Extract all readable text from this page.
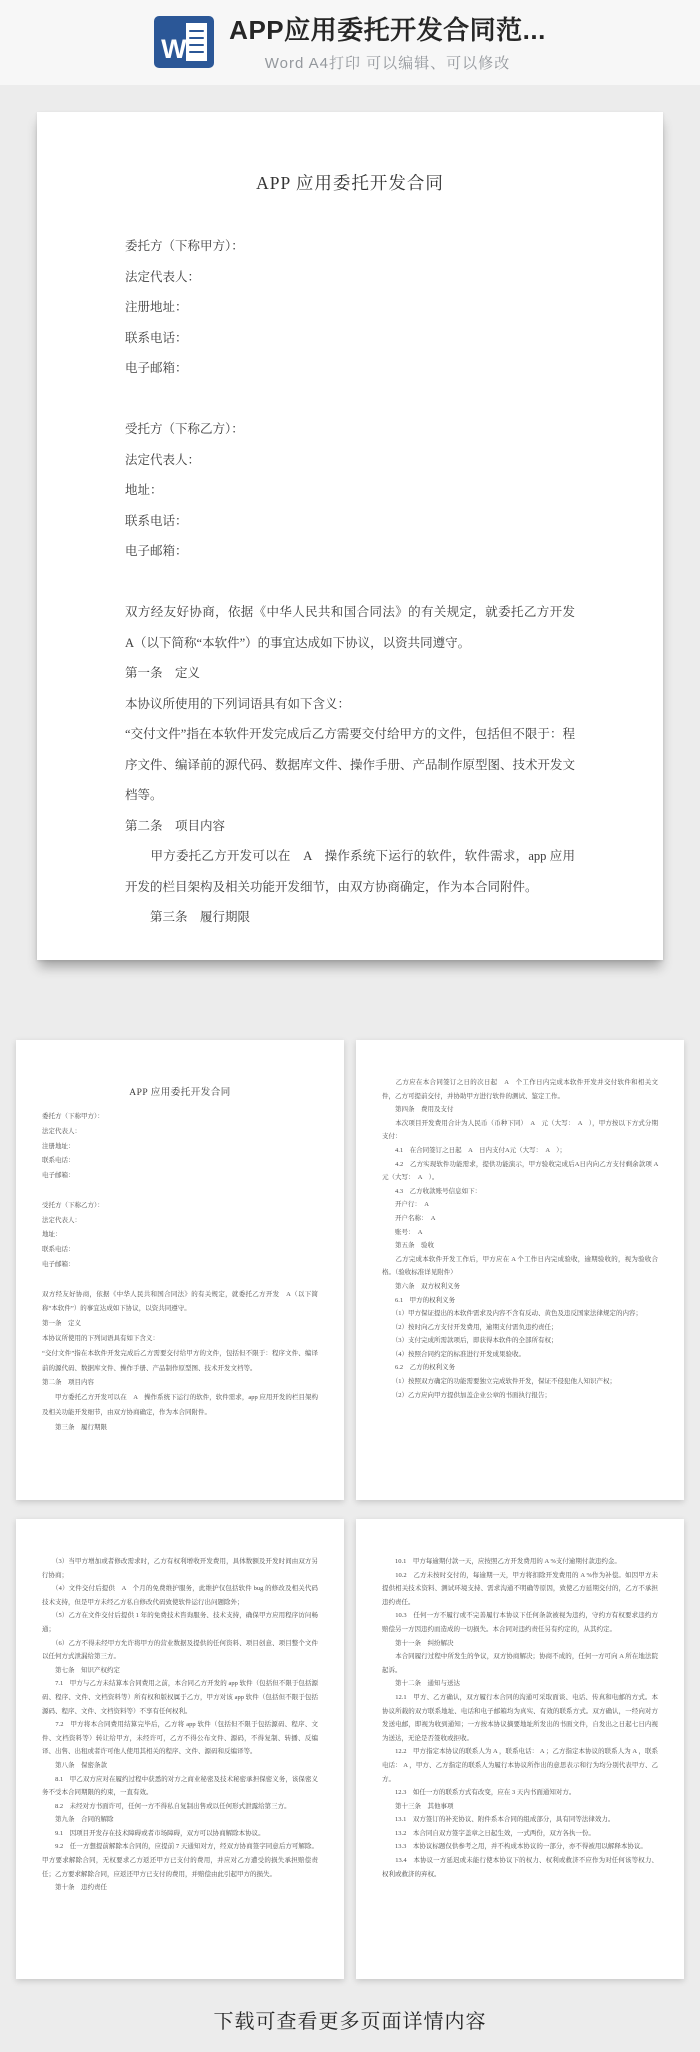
W
APP应用委托开发合同范...
Word A4打印 可以编辑、可以修改
APP 应用委托开发合同
委托方（下称甲方）：
法定代表人：
注册地址：
联系电话：
电子邮箱：

受托方（下称乙方）：
法定代表人：
地址：
联系电话：
电子邮箱：

双方经友好协商，依据《中华人民共和国合同法》的有关规定，就委托乙方开发　A（以下简称“本软件”）的事宜达成如下协议，以资共同遵守。
第一条　定义
本协议所使用的下列词语具有如下含义：
“交付文件”指在本软件开发完成后乙方需要交付给甲方的文件，包括但不限于：程序文件、编译前的源代码、数据库文件、操作手册、产品制作原型图、技术开发文档等。
第二条　项目内容
　　甲方委托乙方开发可以在　A　操作系统下运行的软件，软件需求，app 应用开发的栏目架构及相关功能开发细节，由双方协商确定，作为本合同附件。
　　第三条　履行期限
APP 应用委托开发合同
委托方（下称甲方）：
法定代表人：
注册地址：
联系电话：
电子邮箱：

受托方（下称乙方）：
法定代表人：
地址：
联系电话：
电子邮箱：

双方经友好协商，依据《中华人民共和国合同法》的有关规定，就委托乙方开发　A（以下简称“本软件”）的事宜达成如下协议，以资共同遵守。
第一条　定义
本协议所使用的下列词语具有如下含义：
“交付文件”指在本软件开发完成后乙方需要交付给甲方的文件，包括但不限于：程序文件、编译前的源代码、数据库文件、操作手册、产品制作原型图、技术开发文档等。
第二条　项目内容
　　甲方委托乙方开发可以在　A　操作系统下运行的软件，软件需求，app 应用开发的栏目架构及相关功能开发细节，由双方协商确定，作为本合同附件。
　　第三条　履行期限
　　乙方应在本合同签订之日的次日起　A　个工作日内完成本软件开发并交付软件和相关文件，乙方可提前交付，并协助甲方进行软件的测试、鉴定工作。
　　第四条　费用及支付
　　本次项目开发费用合计为人民币（币种下同）　A　元（大写：　A　），甲方按以下方式分期支付：
　　4.1　在合同签订之日起　A　日内支付A元（大写：　A　）；
　　4.2　乙方实现软件功能需求，提供功能演示，甲方验收完成后A日内向乙方支付剩余款项 A　元（大写：　A　）。
　　4.3　乙方收款账号信息如下：
　　开户行：　A
　　开户名称：　A
　　账号：　A
　　第五条　验收
　　乙方完成本软件开发工作后，甲方应在 A 个工作日内完成验收，逾期验收的，视为验收合格。（验收标准详见附件）
　　第六条　双方权利义务
　　6.1　甲方的权利义务
　　（1）甲方保证提出的本软件需求及内容不含有反动、黄色及违反国家法律规定的内容；
　　（2）按时向乙方支付开发费用，逾期支付需负违约责任；
　　（3）支付完成所需款项后，即获得本软件的全部所有权；
　　（4）按照合同约定的标准进行开发成果验收。
　　6.2　乙方的权利义务
　　（1）按照双方确定的功能需要独立完成软件开发，保证不侵犯他人知识产权；
　　（2）乙方应向甲方提供加盖企业公章的书面执行报告；
　　（3）当甲方增加或者修改需求时，乙方有权利增收开发费用，具体数额及开发时间由双方另行协商；
　　（4）文件交付后提供　A　个月的免费维护服务，此维护仅包括软件 bug 的修改及相关代码技术支持，但是甲方未经乙方私自修改代码致使软件运行出问题除外；
　　（5）乙方在文件交付后提供 1 年的免费技术咨询服务、技术支持，确保甲方应用程序访问畅通；
　　（6）乙方不得未经甲方允许将甲方的营业数据及提供的任何资料、项目创意、项目整个文件以任何方式泄漏给第三方。
　　第七条　知识产权约定
　　7.1　甲方与乙方未结算本合同费用之前，本合同乙方开发的 app 软件（包括但不限于包括源码、程序、文件、文档资料等）所有权和版权属于乙方，甲方对该 app 软件（包括但不限于包括源码、程序、文件、文档资料等）不享有任何权利。
　　7.2　甲方将本合同费用结算完毕后，乙方将 app 软件（包括但不限于包括源码、程序、文件、文档资料等）转让给甲方，未经许可，乙方不得公布文件、源码，不得复制、转播、反编译、出售、出租或者许可他人使用其相关的程序、文件、源码和反编译等。
　　第八条　保密条款
　　8.1　甲乙双方应对在履约过程中获悉的对方之商业秘密及技术秘密承担保密义务，该保密义务不受本合同期限的约束，一直有效。
　　8.2　未经对方书面许可，任何一方不得私自复制出售或以任何形式泄露给第三方。
　　第九条　合同的解除
　　9.1　因项目开发存在技术障碍或者市场障碍，双方可以协商解除本协议。
　　9.2　任一方想提前解除本合同的，应提前 7 天通知对方，经双方协商签字同意后方可解除。甲方要求解除合同，无权要求乙方返还甲方已支付的费用，并应对乙方遭受的损失承担赔偿责任；乙方要求解除合同，应返还甲方已支付的费用，并赔偿由此引起甲方的损失。
　　第十条　违约责任
　　10.1　甲方每逾期付款一天，应按照乙方开发费用的 A %支付逾期付款违约金。
　　10.2　乙方未按时交付的，每逾期一天，甲方将扣除开发费用的 A %作为补偿。如因甲方未提供相关技术资料、测试环境支持、需求沟通不明确等原因，致使乙方延期交付的，乙方不承担违约责任。
　　10.3　任何一方不履行或不完善履行本协议下任何条款被视为违约，守约方有权要求违约方赔偿另一方因违约而造成的一切损失。本合同对违约责任另有约定的，从其约定。
　　第十一条　纠纷解决
　　本合同履行过程中所发生的争议，双方协商解决；协商不成的，任何一方可向 A 所在地法院起诉。
　　第十二条　通知与送达
　　12.1　甲方、乙方确认，双方履行本合同的沟通可采取面谈、电话、传真和电邮的方式。本协议所载的双方联系地址、电话和电子邮箱均为真实、有效的联系方式。双方确认，一经向对方发送电邮，即视为收到通知；一方按本协议摘要地址所发出的书面文件，自发出之日起七日内视为送达，无论是否签收或拒收。
　　12.2　甲方指定本协议的联系人为 A ，联系电话： A ；乙方指定本协议的联系人为 A ，联系电话： A ，甲方、乙方指定的联系人为履行本协议所作出的意思表示和行为均分别代表甲方、乙方。
　　12.3　如任一方的联系方式有改变，应在 3 天内书面通知对方。
　　第十三条　其他事项
　　13.1　双方签订的补充协议、附件系本合同的组成部分，具有同等法律效力。
　　13.2　本合同自双方签字盖章之日起生效，一式两份，双方各执一份。
　　13.3　本协议标题仅供参考之用，并不构成本协议的一部分，亦不得被用以解释本协议。
　　13.4　本协议一方延迟或未能行使本协议下的权力、权利或救济不应作为对任何该等权力、权利或救济的弃权。
下载可查看更多页面详情内容
